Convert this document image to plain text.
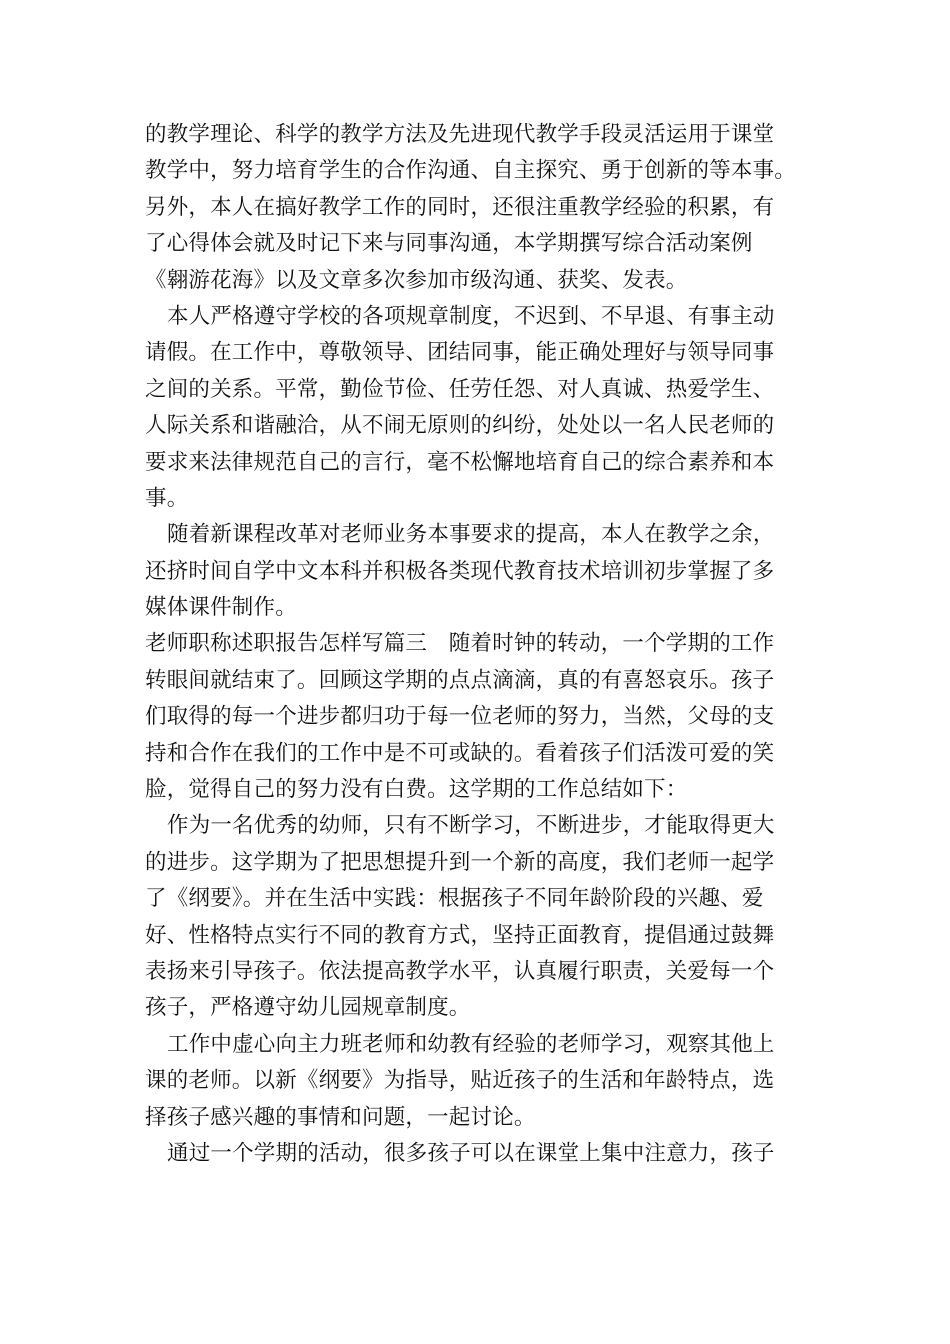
的教学理论、科学的教学方法及先进现代教学手段灵活运用于课堂
教学中，努力培育学生的合作沟通、自主探究、勇于创新的等本事。
另外，本人在搞好教学工作的同时，还很注重教学经验的积累，有
了心得体会就及时记下来与同事沟通，本学期撰写综合活动案例
《翱游花海》以及文章多次参加市级沟通、获奖、发表。
本人严格遵守学校的各项规章制度，不迟到、不早退、有事主动
请假。在工作中，尊敬领导、团结同事，能正确处理好与领导同事
之间的关系。平常，勤俭节俭、任劳任怨、对人真诚、热爱学生、
人际关系和谐融洽，从不闹无原则的纠纷，处处以一名人民老师的
要求来法律规范自己的言行，毫不松懈地培育自己的综合素养和本
事。
随着新课程改革对老师业务本事要求的提高，本人在教学之余，
还挤时间自学中文本科并积极各类现代教育技术培训初步掌握了多
媒体课件制作。
老师职称述职报告怎样写篇三　随着时钟的转动，一个学期的工作
转眼间就结束了。回顾这学期的点点滴滴，真的有喜怒哀乐。孩子
们取得的每一个进步都归功于每一位老师的努力，当然，父母的支
持和合作在我们的工作中是不可或缺的。看着孩子们活泼可爱的笑
脸，觉得自己的努力没有白费。这学期的工作总结如下：
作为一名优秀的幼师，只有不断学习，不断进步，才能取得更大
的进步。这学期为了把思想提升到一个新的高度，我们老师一起学
了《纲要》。并在生活中实践：根据孩子不同年龄阶段的兴趣、爱
好、性格特点实行不同的教育方式，坚持正面教育，提倡通过鼓舞
表扬来引导孩子。依法提高教学水平，认真履行职责，关爱每一个
孩子，严格遵守幼儿园规章制度。
工作中虚心向主力班老师和幼教有经验的老师学习，观察其他上
课的老师。以新《纲要》为指导，贴近孩子的生活和年龄特点，选
择孩子感兴趣的事情和问题，一起讨论。
通过一个学期的活动，很多孩子可以在课堂上集中注意力，孩子
